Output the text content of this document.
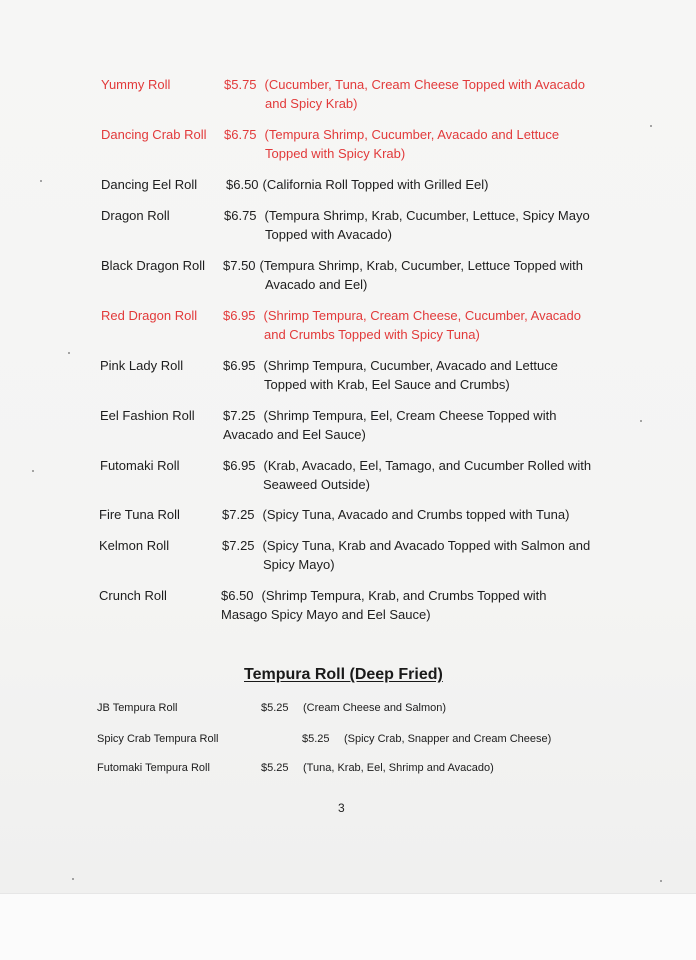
Yummy Roll	$5.75 (Cucumber, Tuna, Cream Cheese Topped with Avacado
and Spicy Krab)
Dancing Crab Roll $6.75 (Tempura Shrimp, Cucumber, Avacado and Lettuce
Topped with Spicy Krab)
Dancing Eel Roll $6.50 (California Roll Topped with Grilled Eel)
Dragon Roll	$6.75 (Tempura Shrimp, Krab, Cucumber, Lettuce, Spicy Mayo
Topped with Avacado)
Black Dragon Roll $7.50 (Tempura Shrimp, Krab, Cucumber, Lettuce Topped with
Avacado and Eel)
Red Dragon Roll $6.95 (Shrimp Tempura, Cream Cheese, Cucumber, Avacado
and Crumbs Topped with Spicy Tuna)
Pink Lady Roll	$6.95 (Shrimp Tempura, Cucumber, Avacado and Lettuce
Topped with Krab, Eel Sauce and Crumbs)
Eel Fashion Roll $7.25 (Shrimp Tempura, Eel, Cream Cheese Topped with
Avacado and Eel Sauce)
Futomaki Roll	$6.95 (Krab, Avacado, Eel, Tamago, and Cucumber Rolled with
Seaweed Outside)
Fire Tuna Roll	$7.25 (Spicy Tuna, Avacado and Crumbs topped with Tuna)
Kelmon Roll	$7.25 (Spicy Tuna, Krab and Avacado Topped with Salmon and
Spicy Mayo)
Crunch Roll	$6.50 (Shrimp Tempura, Krab, and Crumbs Topped with
Masago Spicy Mayo and Eel Sauce)
Tempura Roll (Deep Fried)
JB Tempura Roll	$5.25 (Cream Cheese and Salmon)
Spicy Crab Tempura Roll	$5.25 (Spicy Crab, Snapper and Cream Cheese)
Futomaki Tempura Roll	$5.25 (Tuna, Krab, Eel, Shrimp and Avacado)
3
